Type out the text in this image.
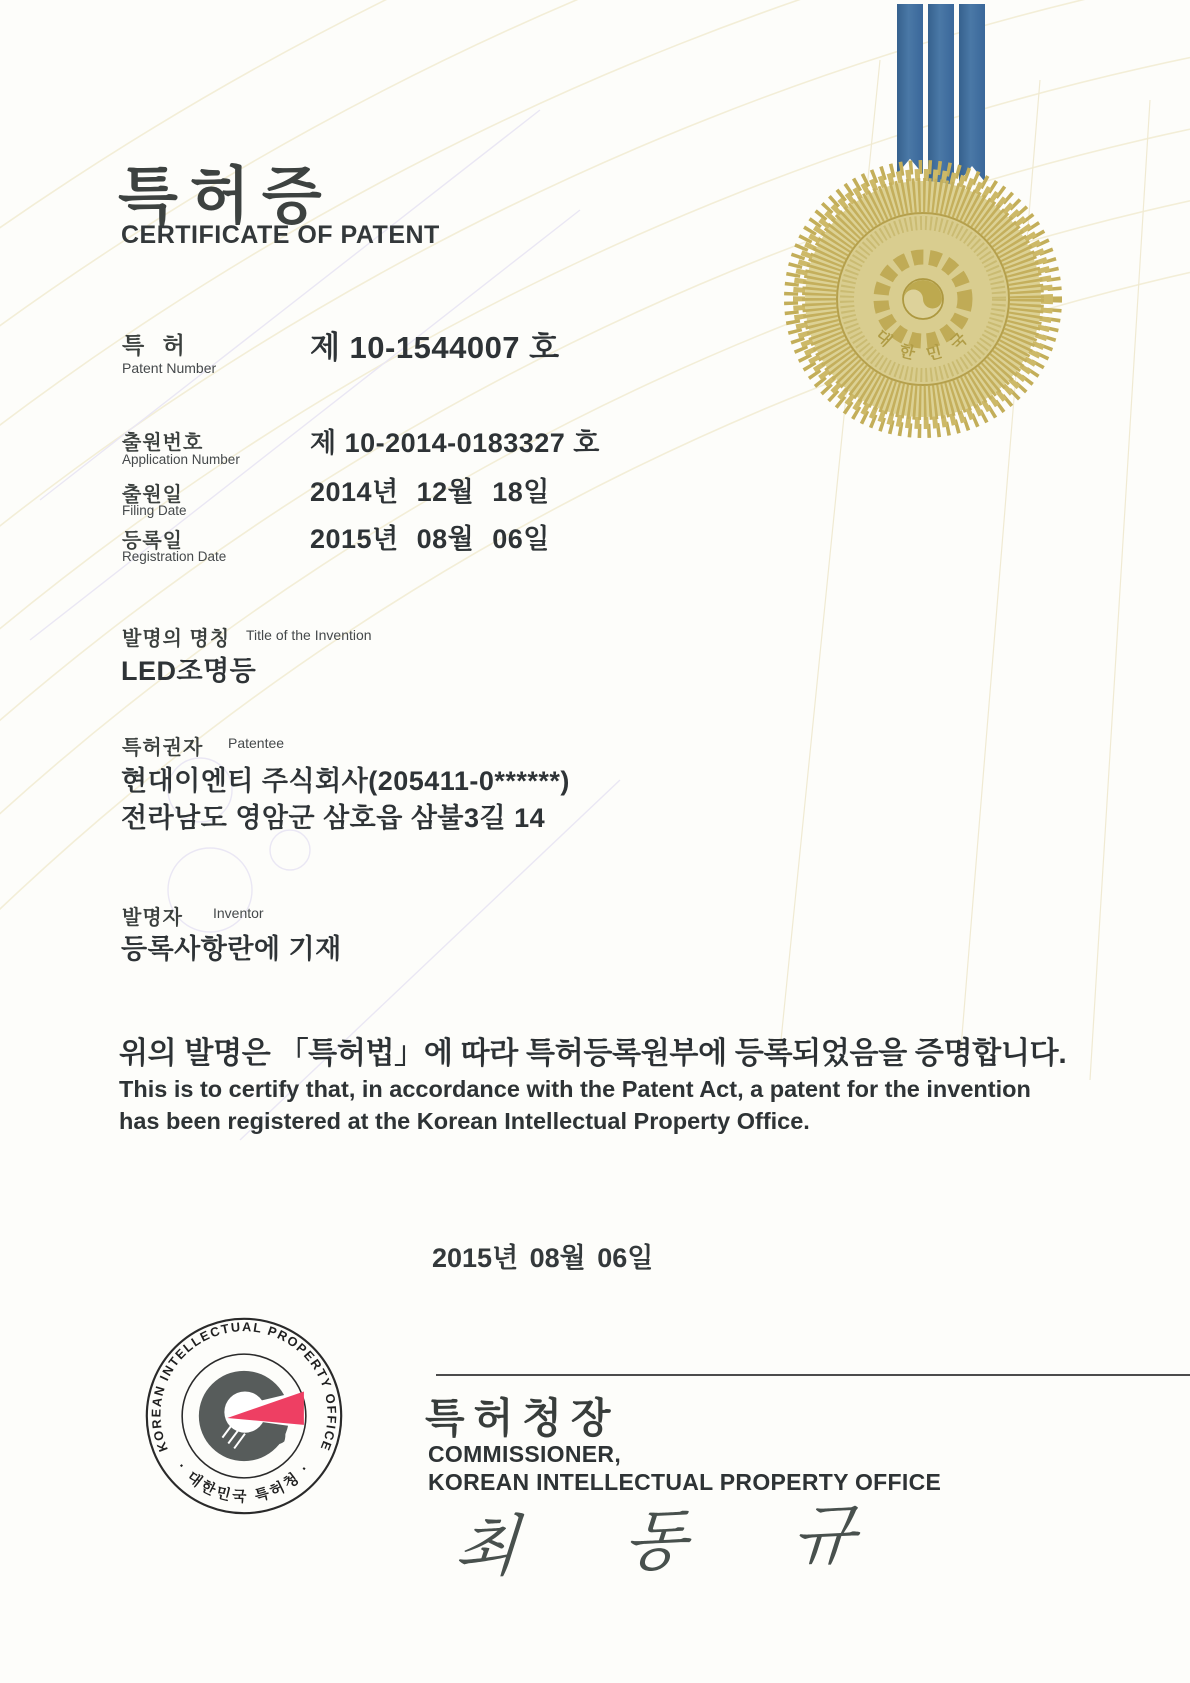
대 한 민 국
특허증
CERTIFICATE OF PATENT
특 허
Patent Number
제 10-1544007 호
출원번호
Application Number
제 10-2014-0183327 호
출원일
Filing Date
2014년 12월 18일
등록일
Registration Date
2015년 08월 06일
발명의 명칭 Title of the Invention
LED조명등
특허권자 Patentee
현대이엔티 주식회사(205411-0******)
전라남도 영암군 삼호읍 삼불3길 14
발명자 Inventor
등록사항란에 기재
위의 발명은 「특허법」에 따라 특허등록원부에 등록되었음을 증명합니다.
This is to certify that, in accordance with the Patent Act, a patent for the invention
has been registered at the Korean Intellectual Property Office.
KOREAN INTELLECTUAL PROPERTY OFFICE
· 대한민국 특허청 ·
2015년 08월 06일
특허청장
COMMISSIONER,
KOREAN INTELLECTUAL PROPERTY OFFICE
최 동 규
